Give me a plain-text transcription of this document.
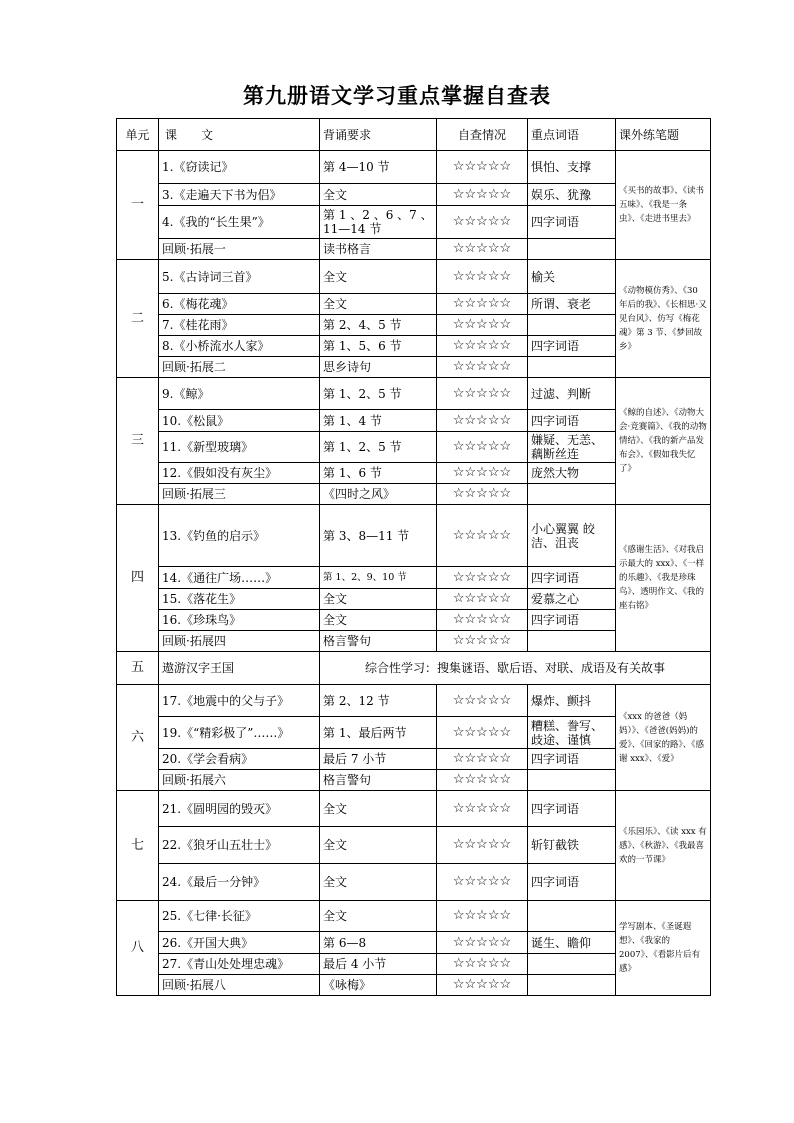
第九册语文学习重点掌握自查表
单元	课　　文	背诵要求	自查情况	重点词语	课外练笔题
一	1.《窃读记》	第 4—10 节	☆☆☆☆☆	惧怕、支撑	《买书的故事》、《读书五味》、《我是一条虫》、《走进书里去》
	3.《走遍天下书为侣》	全文	☆☆☆☆☆	娱乐、犹豫	
	4.《我的“长生果”》	第 1 、2 、6 、7 、11—14 节	☆☆☆☆☆	四字词语	
	回顾·拓展一	读书格言	☆☆☆☆☆		
二	5.《古诗词三首》	全文	☆☆☆☆☆	榆关	《动物模仿秀》、《30 年后的我》、《长相思·又见台风》、仿写《梅花魂》第 3 节、《梦回故乡》
	6.《梅花魂》	全文	☆☆☆☆☆	所谓、衰老	
	7.《桂花雨》	第 2、4、5 节	☆☆☆☆☆		
	8.《小桥流水人家》	第 1、5、6 节	☆☆☆☆☆	四字词语	
	回顾·拓展二	思乡诗句	☆☆☆☆☆		
三	9.《鲸》	第 1、2、5 节	☆☆☆☆☆	过滤、判断	《鲸的自述》、《动物大会·竞赛篇》、《我的动物情结》、《我的新产品发布会》、《假如我失忆了》
	10.《松鼠》	第 1、4 节	☆☆☆☆☆	四字词语	
	11.《新型玻璃》	第 1、2、5 节	☆☆☆☆☆	嫌疑、无恙、藕断丝连	
	12.《假如没有灰尘》	第 1、6 节	☆☆☆☆☆	庞然大物	
	回顾·拓展三	《四时之风》	☆☆☆☆☆		
四	13.《钓鱼的启示》	第 3、8—11 节	☆☆☆☆☆	小心翼翼 皎洁、沮丧	《感谢生活》、《对我启示最大的 xxx》、《一样的乐趣》、《我是珍珠鸟》、透明作文、《我的座右铭》
	14.《通往广场……》	第 1、2、9、10 节	☆☆☆☆☆	四字词语	
	15.《落花生》	全文	☆☆☆☆☆	爱慕之心	
	16.《珍珠鸟》	全文	☆☆☆☆☆	四字词语	
	回顾·拓展四	格言警句	☆☆☆☆☆		
五	遨游汉字王国	综合性学习：搜集谜语、歇后语、对联、成语及有关故事			
六	17.《地震中的父与子》	第 2、12 节	☆☆☆☆☆	爆炸、颤抖	《xxx 的爸爸（妈妈）》、《爸爸(妈妈)的爱》、《回家的路》、《感谢 xxx》、《爱》
	19.《“精彩极了”……》	第 1、最后两节	☆☆☆☆☆	糟糕、誊写、歧途、谨慎	
	20.《学会看病》	最后 7 小节	☆☆☆☆☆	四字词语	
	回顾·拓展六	格言警句	☆☆☆☆☆		
七	21.《圆明园的毁灭》	全文	☆☆☆☆☆	四字词语	《乐园乐》、《读 xxx 有感》、《秋游》、《我最喜欢的一节课》
	22.《狼牙山五壮士》	全文	☆☆☆☆☆	斩钉截铁	
	24.《最后一分钟》	全文	☆☆☆☆☆	四字词语	
八	25.《七律·长征》	全文	☆☆☆☆☆		学写剧本、《圣诞遐想》、《我家的 2007》、《看影片后有感》
	26.《开国大典》	第 6—8	☆☆☆☆☆	诞生、瞻仰	
	27.《青山处处埋忠魂》	最后 4 小节	☆☆☆☆☆		
	回顾·拓展八	《咏梅》	☆☆☆☆☆		
